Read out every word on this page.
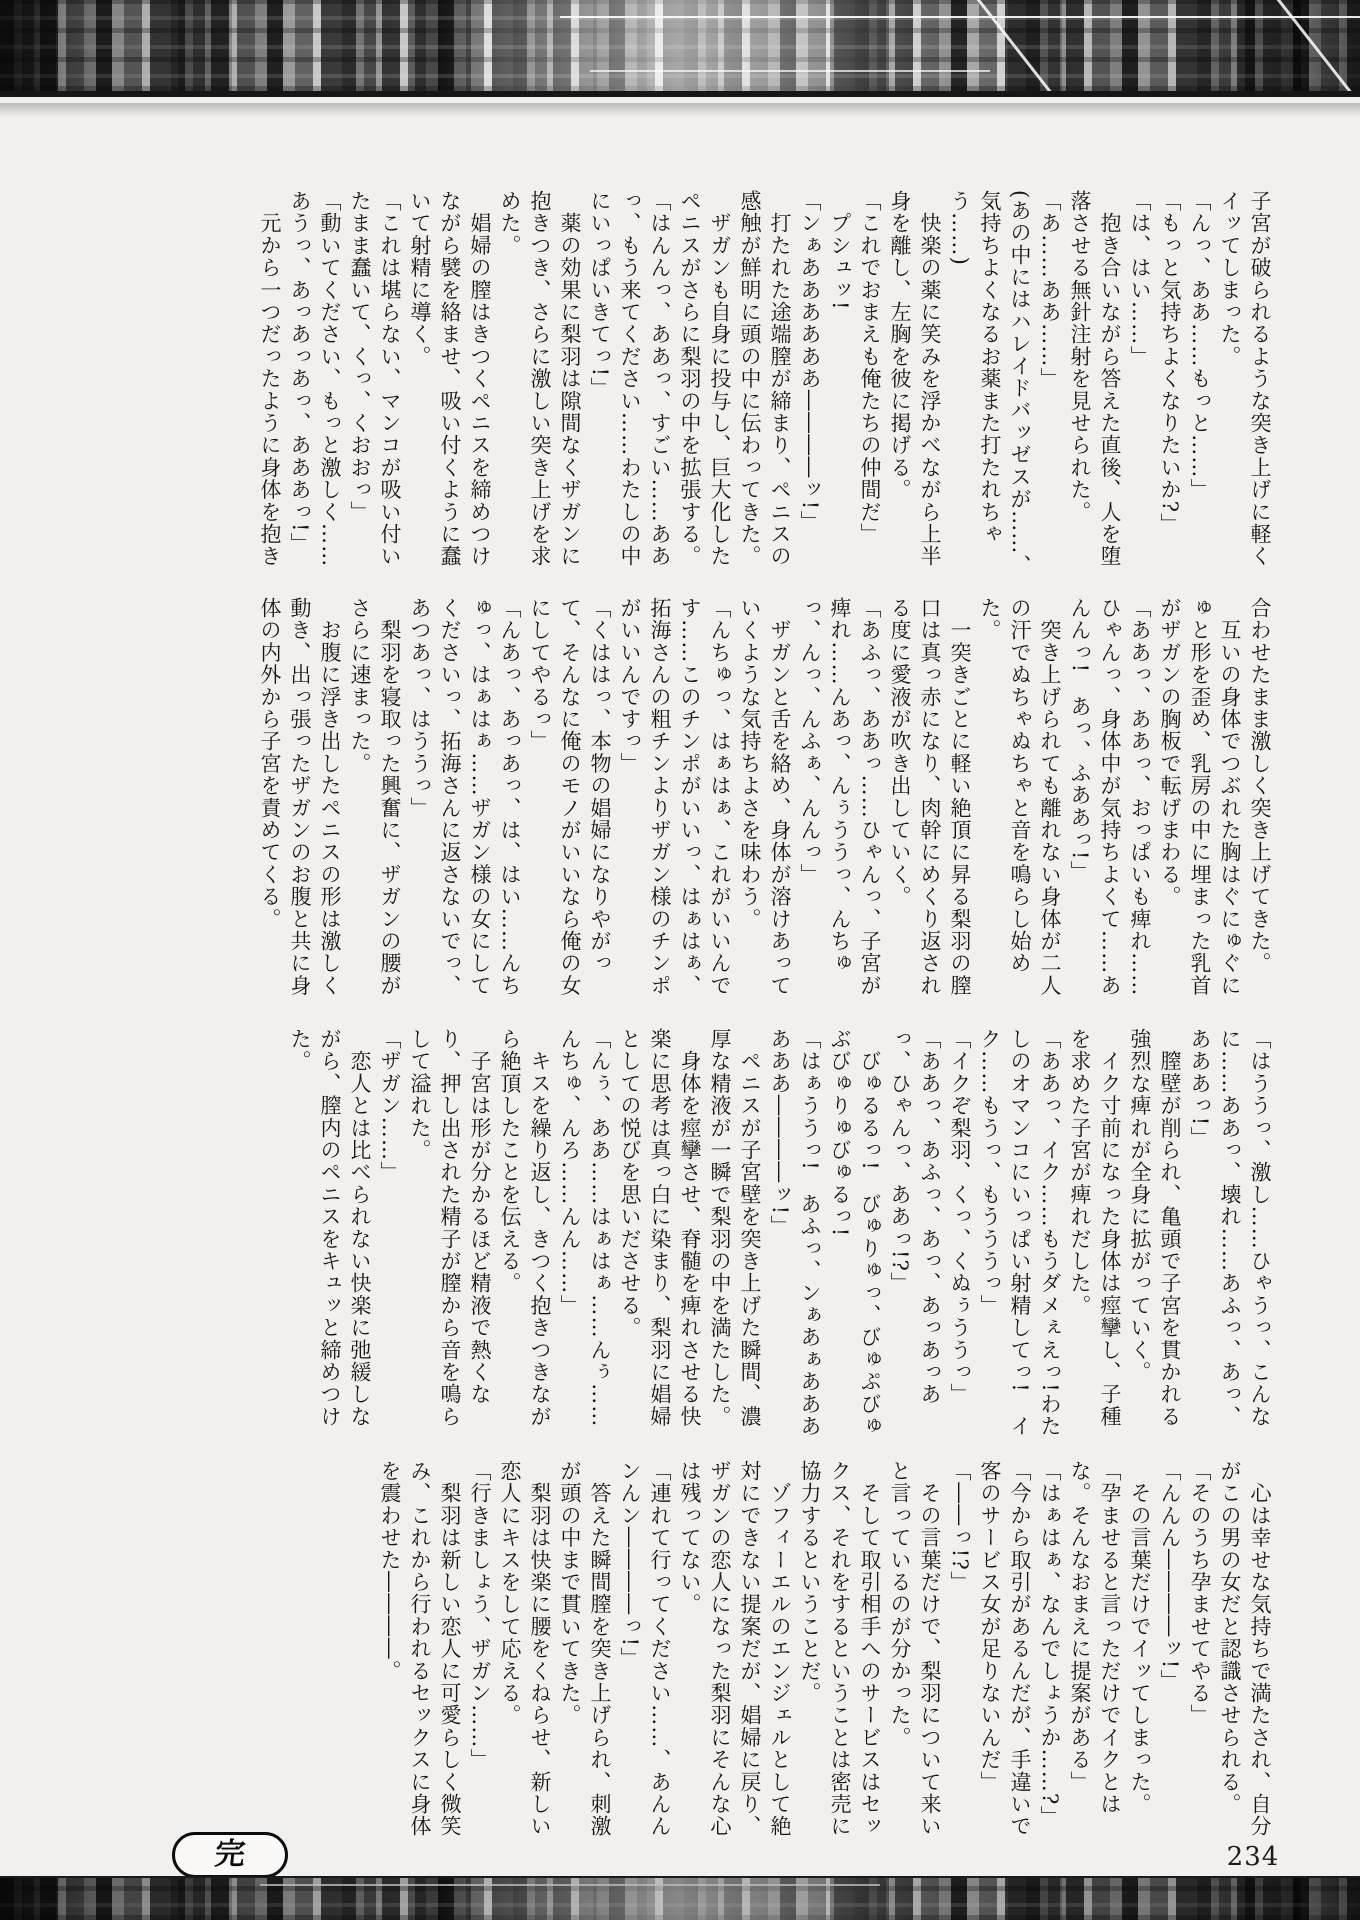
子宮が破られるような突き上げに軽くイッてしまった。

「んっ、ああ……もっと……」

「もっと気持ちよくなりたいか?」

「は、はい……」

　抱き合いながら答えた直後、人を堕落させる無針注射を見せられた。

「あ……ああ……」

(あの中にはハレイドバッゼスが……、気持ちよくなるお薬また打たれちゃう……)

　快楽の薬に笑みを浮かべながら上半身を離し、左胸を彼に掲げる。

「これでおまえも俺たちの仲間だ」

　プシュッ!

「ンぁああああああ――――ッ!」

　打たれた途端膣が締まり、ペニスの感触が鮮明に頭の中に伝わってきた。

　ザガンも自身に投与し、巨大化したペニスがさらに梨羽の中を拡張する。

「はんんっ、ああっ、すごい……ああっ、もう来てください……わたしの中にいっぱいきてっ!」

　薬の効果に梨羽は隙間なくザガンに抱きつき、さらに激しい突き上げを求めた。

　娼婦の膣はきつくペニスを締めつけながら襞を絡ませ、吸い付くように蠢いて射精に導く。

「これは堪らない、マンコが吸い付いたまま蠢いて、くっ、くおおっ」

「動いてください、もっと激しく……あうっ、あっあっあっ、あああっ!」

　元から一つだったように身体を抱き

合わせたまま激しく突き上げてきた。

　互いの身体でつぶれた胸はぐにゅぐにゅと形を歪め、乳房の中に埋まった乳首がザガンの胸板で転げまわる。

「ああっ、ああっ、おっぱいも痺れ……ひゃんっ、身体中が気持ちよくて……あんんっ!　あっ、ふああっ!」

　突き上げられても離れない身体が二人の汗でぬちゃぬちゃと音を鳴らし始めた。

　一突きごとに軽い絶頂に昇る梨羽の膣口は真っ赤になり、肉幹にめくり返される度に愛液が吹き出していく。

「あふっ、ああっ……ひゃんっ、子宮が痺れ……んあっ、んぅううっ、んちゅっ、んっ、んふぁ、んんっ」

　ザガンと舌を絡め、身体が溶けあっていくような気持ちよさを味わう。

「んちゅっ、はぁはぁ、これがいいんです……このチンポがいいっ、はぁはぁ、拓海さんの粗チンよりザガン様のチンポがいいんですっ」

「くははっ、本物の娼婦になりやがって、そんなに俺のモノがいいなら俺の女にしてやるっ」

「んあっ、あっあっ、は、はい……んちゅっ、はぁはぁ……ザガン様の女にしてくださいっ、拓海さんに返さないでっ、あつあっ、はううっ」

　梨羽を寝取った興奮に、ザガンの腰がさらに速まった。

　お腹に浮き出したペニスの形は激しく動き、出っ張ったザガンのお腹と共に身体の内外から子宮を責めてくる。

「はううっ、激し……ひゃうっ、こんなに……ああっ、壊れ……あふっ、あっ、あああっ!」

　膣壁が削られ、亀頭で子宮を貫かれる強烈な痺れが全身に拡がっていく。

　イク寸前になった身体は痙攣し、子種を求めた子宮が痺れだした。

「ああっ、イク……もうダメぇえっ!わたしのオマンコにいっぱい射精してっ!　イク……もうっ、もうううっ」

「イクぞ梨羽、くっ、くぬぅううっ」

「ああっ、あふっ、あっ、あっあっあっ、ひゃんっ、ああっ!?」

　びゅるるっ!　びゅりゅっ、びゅぷびゅぶびゅりゅびゅるっ!

「はぁううっ!　あふっ、ンぁあぁああああああ――――ッ!」

　ペニスが子宮壁を突き上げた瞬間、濃厚な精液が一瞬で梨羽の中を満たした。

　身体を痙攣させ、脊髄を痺れさせる快楽に思考は真っ白に染まり、梨羽に娼婦としての悦びを思いださせる。

「んぅ、ああ……はぁはぁ……んぅ……んちゅ、んろ……んん……」

　キスを繰り返し、きつく抱きつきながら絶頂したことを伝える。

　子宮は形が分かるほど精液で熱くなり、押し出された精子が膣から音を鳴らして溢れた。

「ザガン……」

　恋人とは比べられない快楽に弛緩しながら、膣内のペニスをキュッと締めつけた。

　心は幸せな気持ちで満たされ、自分がこの男の女だと認識させられる。

「そのうち孕ませてやる」

「んんん――――ッ!」

　その言葉だけでイッてしまった。

「孕ませると言っただけでイクとはな。そんなおまえに提案がある」

「はぁはぁ、なんでしょうか……?」

「今から取引があるんだが、手違いで客のサービス女が足りないんだ」

「――っ!?」

　その言葉だけで、梨羽について来いと言っているのが分かった。

　そして取引相手へのサービスはセックス、それをするということは密売に協力するということだ。

　ゾフィーエルのエンジェルとして絶対にできない提案だが、娼婦に戻り、ザガンの恋人になった梨羽にそんな心は残ってない。

「連れて行ってください……、あんんンんン――――っ!」

　答えた瞬間膣を突き上げられ、刺激が頭の中まで貫いてきた。

　梨羽は快楽に腰をくねらせ、新しい恋人にキスをして応える。

「行きましょう、ザガン……」

　梨羽は新しい恋人に可愛らしく微笑み、これから行われるセックスに身体を震わせた――――。

完	234
